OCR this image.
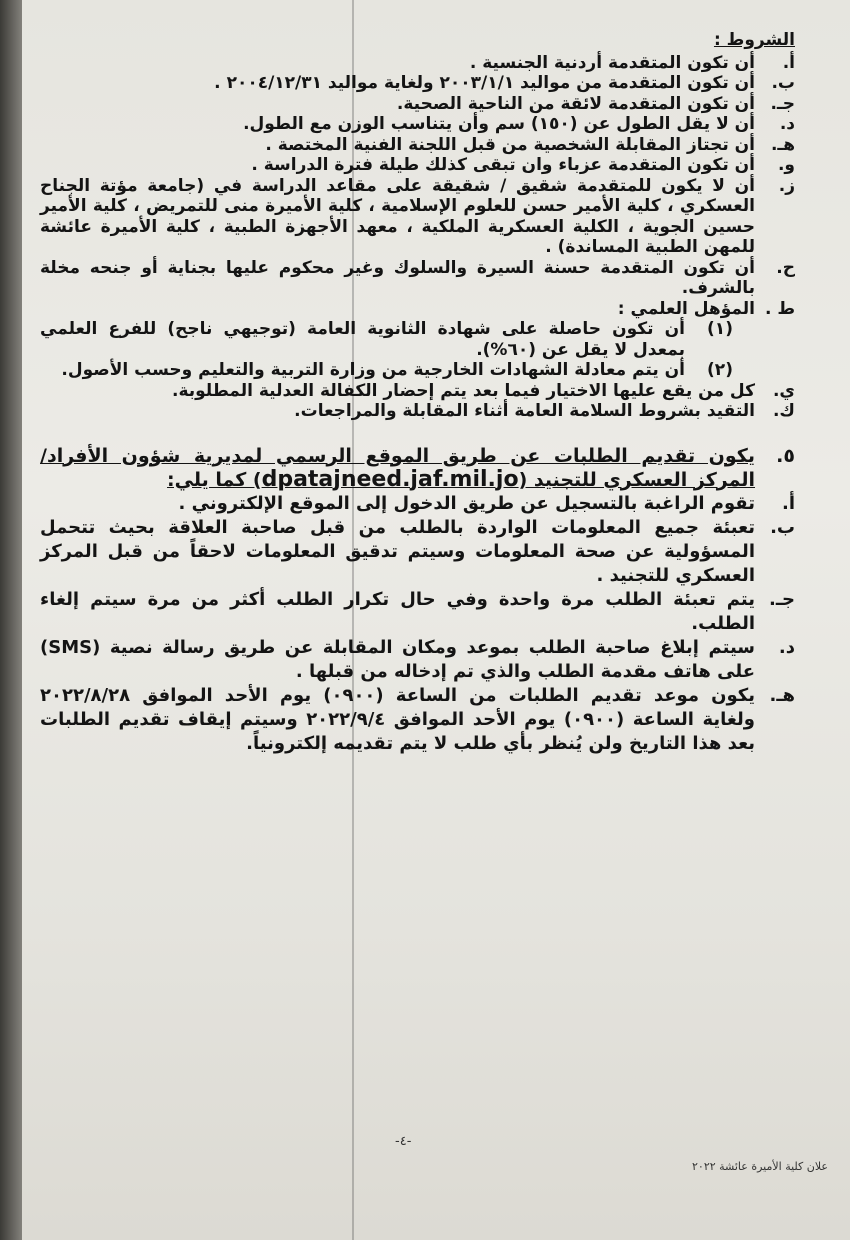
الشروط :
أ.
أن تكون المتقدمة أردنية الجنسية .
ب.
أن تكون المتقدمة من مواليد ٢٠٠٣/١/١ ولغاية مواليد ٢٠٠٤/١٢/٣١ .
جـ.
أن تكون المتقدمة لائقة من الناحية الصحية.
د.
أن لا يقل الطول عن (١٥٠) سم وأن يتناسب الوزن مع الطول.
هـ.
أن تجتاز المقابلة الشخصية من قبل اللجنة الفنية المختصة .
و.
أن تكون المتقدمة عزباء وان تبقى كذلك طيلة فترة الدراسة .
ز.
أن لا يكون للمتقدمة شقيق / شقيقة على مقاعد الدراسة في (جامعة مؤتة الجناح العسكري ، كلية الأمير حسن للعلوم الإسلامية ، كلية الأميرة منى للتمريض ، كلية الأمير حسين الجوية ، الكلية العسكرية الملكية ، معهد الأجهزة الطبية ، كلية الأميرة عائشة للمهن الطبية المساندة) .
ح.
أن تكون المتقدمة حسنة السيرة والسلوك وغير محكوم عليها بجناية أو جنحه مخلة بالشرف.
ط .
المؤهل العلمي :
(١)
أن تكون حاصلة على شهادة الثانوية العامة (توجيهي ناجح) للفرع العلمي بمعدل لا يقل عن (٦٠%).
(٢)
أن يتم معادلة الشهادات الخارجية من وزارة التربية والتعليم وحسب الأصول.
ي.
كل من يقع عليها الاختيار فيما بعد يتم إحضار الكفالة العدلية المطلوبة.
ك.
التقيد بشروط السلامة العامة أثناء المقابلة والمراجعات.
٥.
يكون تقديم الطلبات عن طريق الموقع الرسمي لمديرية شؤون الأفراد/ المركز العسكري للتجنيد (dpatajneed.jaf.mil.jo) كما يلي:
أ.
تقوم الراغبة بالتسجيل عن طريق الدخول إلى الموقع الإلكتروني .
ب.
تعبئة جميع المعلومات الواردة بالطلب من قبل صاحبة العلاقة بحيث تتحمل المسؤولية عن صحة المعلومات وسيتم تدقيق المعلومات لاحقاً من قبل المركز العسكري للتجنيد .
جـ.
يتم تعبئة الطلب مرة واحدة وفي حال تكرار الطلب أكثر من مرة سيتم إلغاء الطلب.
د.
سيتم إبلاغ صاحبة الطلب بموعد ومكان المقابلة عن طريق رسالة نصية (SMS) على هاتف مقدمة الطلب والذي تم إدخاله من قبلها .
هـ.
يكون موعد تقديم الطلبات من الساعة (٠٩٠٠) يوم الأحد الموافق ٢٠٢٢/٨/٢٨ ولغاية الساعة (٠٩٠٠) يوم الأحد الموافق ٢٠٢٢/٩/٤ وسيتم إيقاف تقديم الطلبات بعد هذا التاريخ ولن يُنظر بأي طلب لا يتم تقديمه إلكترونياً.
-٤-
علان كلية الأميرة عائشة ٢٠٢٢
